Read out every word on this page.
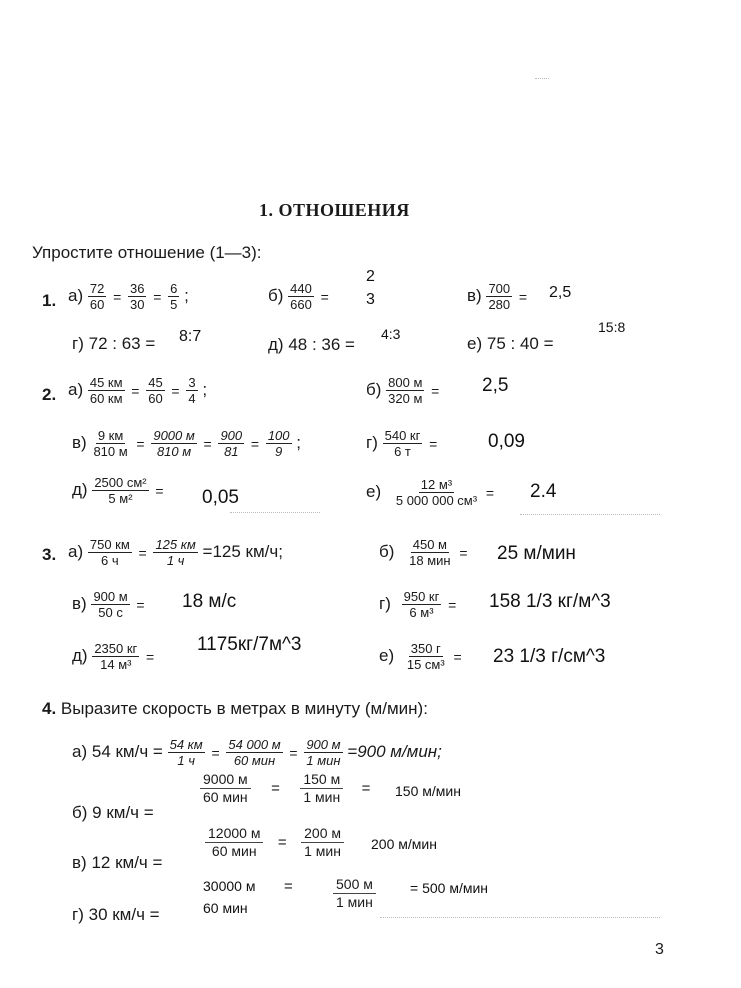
1. ОТНОШЕНИЯ
Упростите отношение (1—3):
1. $а) \frac{72}{60} = \frac{36}{30} = \frac{6}{5}$ ;	$б) \frac{440}{660}$ =
2
3	$в) \frac{700}{280} = 2,5$
г) 72 : 63 = 8:7	д) 48 : 36 =
4:3	е) 75 : 40 =
15:8
2. $а) \frac{45 км}{60 км} = \frac{45}{60} = \frac{3}{4}$ ;	$б) \frac{800 м}{320 м} = 2,5$
$в) \frac{9 км}{810 м} = \frac{9000 м}{810 м} = \frac{900}{81} = \frac{100}{9}$ ;	$г) \frac{540 кг}{6 т}$ =	0,09
$д) \frac{\text{2500 см²}}{\text{5 м²}} = 0,05$	$е) \frac{\text{12 м³}}{\text{5 000 000 см³}} = 2.4$
3. $а) \frac{750 км}{6 ч} = \frac{125 км}{1 ч} =125$ км/ч;	$б) \frac{450 м}{\text{18 мин}} = 25$ м/мин
$в) \frac{900 м}{50 с} = 18$ м/с	$г) \frac{950 кг}{\text{6 м³}} = 158$ 1/3 кг/м^3
$д) \frac{2350 кг}{\text{14 м³}}$ =
1175кг/7м^3
$е) \frac{350 г}{\text{15 см³}} = 23$ 1/3 г/см^3
4. Выразите скорость в метрах в минуту (м/мин):
а) 54 $км/ч = \frac{54 км}{1 ч} = \frac{54 000 м}{\text{60 мин}} = \frac{900 м}{\text{1 мин}} =900$ м/мин;
б) 9 км/ч =
9000 м
60 мин =
150 м
1 мин = 150 м/мин
в) 12 км/ч =
12000 м
60 мин =
200 м
1 мин 200 м/мин
г) 30 км/ч =
30000 м
60 мин
=	500 м
1 мин
= 500 м/мин
3
